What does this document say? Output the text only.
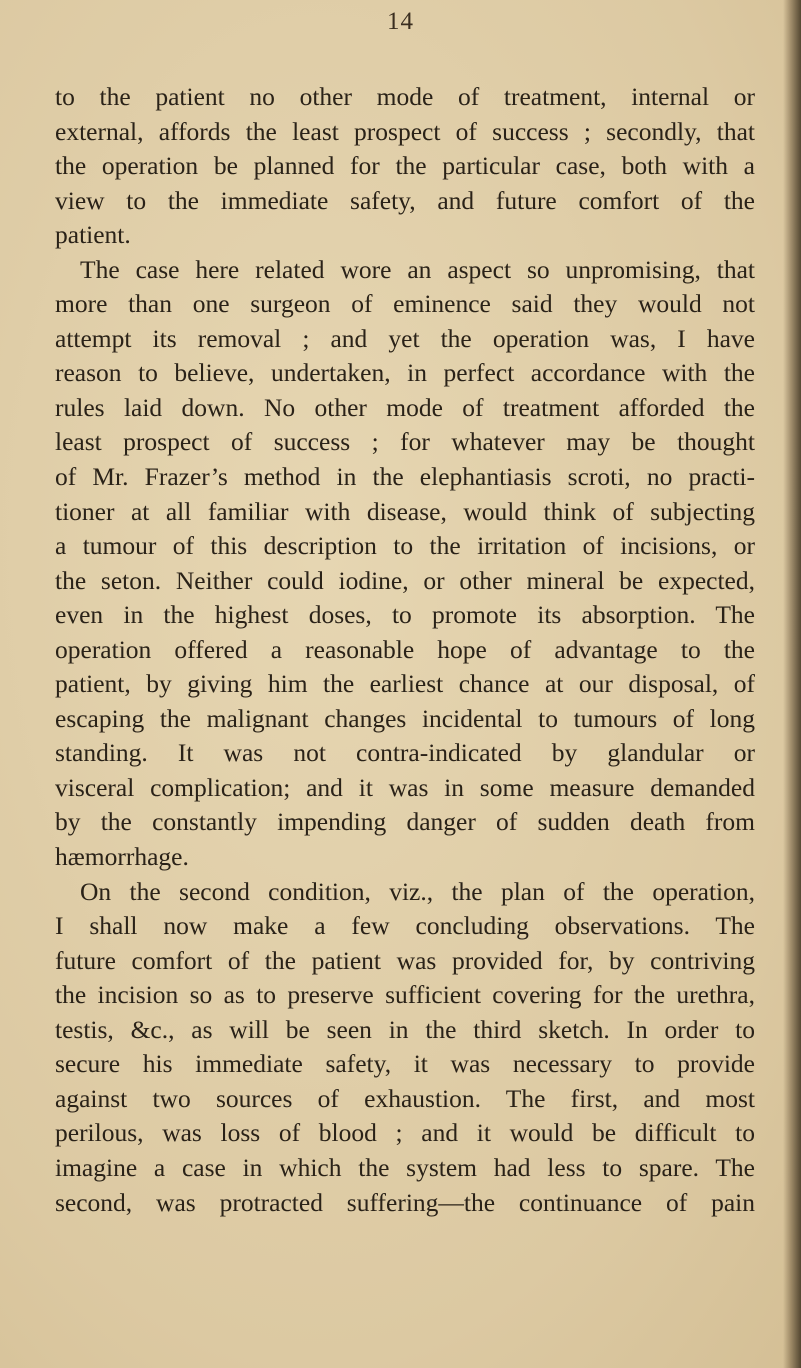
14
to the patient no other mode of treatment, internal or
external, affords the least prospect of success ; secondly, that
the operation be planned for the particular case, both with a
view to the immediate safety, and future comfort of the
patient.
The case here related wore an aspect so unpromising, that
more than one surgeon of eminence said they would not
attempt its removal ; and yet the operation was, I have
reason to believe, undertaken, in perfect accordance with the
rules laid down. No other mode of treatment afforded the
least prospect of success ; for whatever may be thought
of Mr. Frazer’s method in the elephantiasis scroti, no practi-
tioner at all familiar with disease, would think of subjecting
a tumour of this description to the irritation of incisions, or
the seton. Neither could iodine, or other mineral be expected,
even in the highest doses, to promote its absorption. The
operation offered a reasonable hope of advantage to the
patient, by giving him the earliest chance at our disposal, of
escaping the malignant changes incidental to tumours of long
standing. It was not contra-indicated by glandular or
visceral complication; and it was in some measure demanded
by the constantly impending danger of sudden death from
hæmorrhage.
On the second condition, viz., the plan of the operation,
I shall now make a few concluding observations. The
future comfort of the patient was provided for, by contriving
the incision so as to preserve sufficient covering for the urethra,
testis, &c., as will be seen in the third sketch. In order to
secure his immediate safety, it was necessary to provide
against two sources of exhaustion. The first, and most
perilous, was loss of blood ; and it would be difficult to
imagine a case in which the system had less to spare. The
second, was protracted suffering—the continuance of pain
